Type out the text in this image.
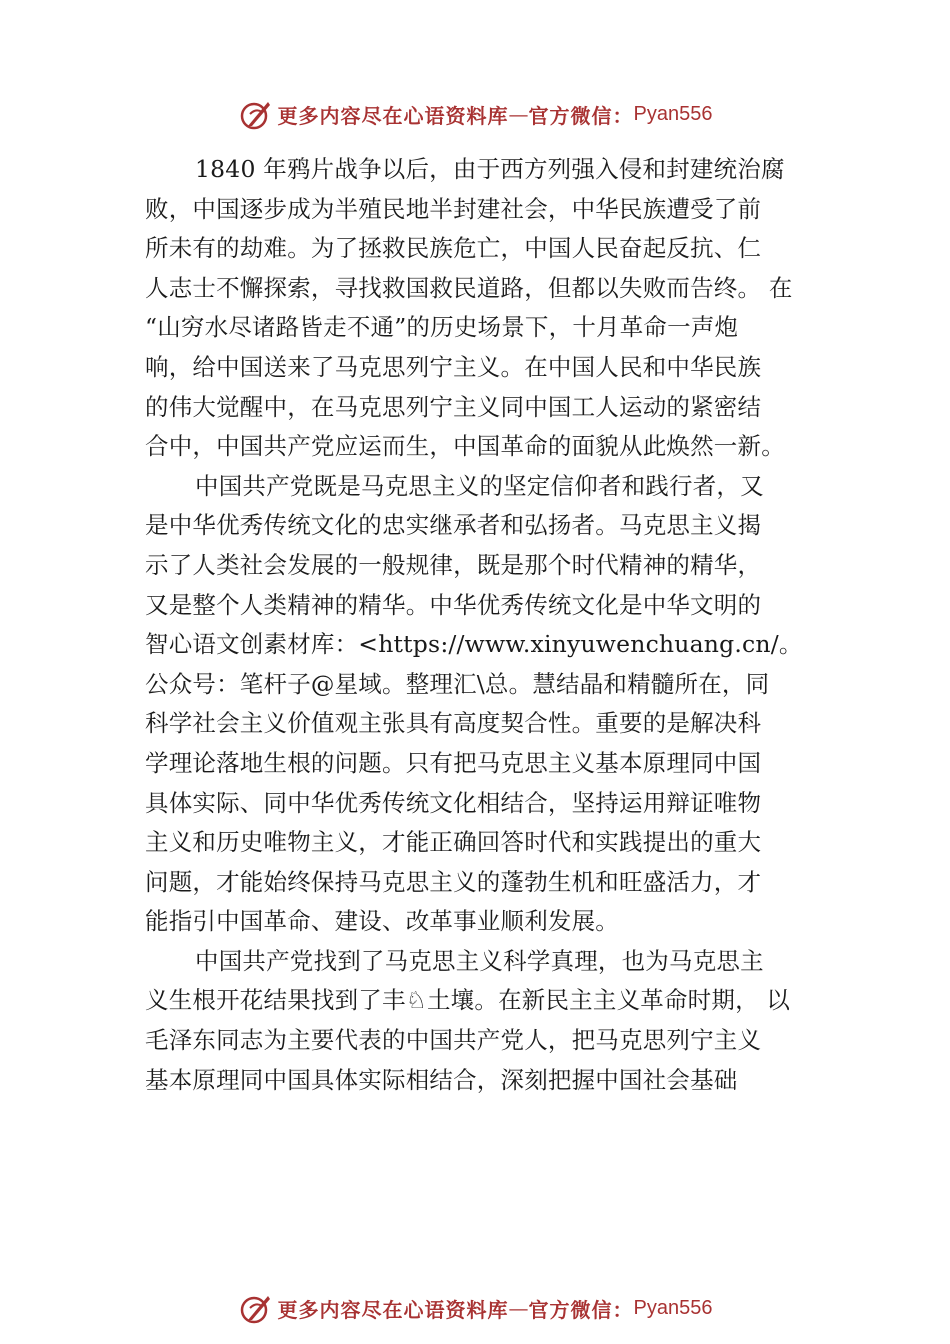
更多内容尽在心语资料库 — 官方微信： Pyan556
1840 年鸦片战争以后，由于西方列强入侵和封建统治腐
败，中国逐步成为半殖民地半封建社会，中华民族遭受了前
所未有的劫难。为了拯救民族危亡，中国人民奋起反抗、仁
人志士不懈探索，寻找救国救民道路，但都以失败而告终。 在
“山穷水尽诸路皆走不通”的历史场景下，十月革命一声炮
响，给中国送来了马克思列宁主义。在中国人民和中华民族
的伟大觉醒中，在马克思列宁主义同中国工人运动的紧密结
合中，中国共产党应运而生，中国革命的面貌从此焕然一新。
中国共产党既是马克思主义的坚定信仰者和践行者，又
是中华优秀传统文化的忠实继承者和弘扬者。马克思主义揭
示了人类社会发展的一般规律，既是那个时代精神的精华，
又是整个人类精神的精华。中华优秀传统文化是中华文明的
智心语文创素材库：<https://www.xinyuwenchuang.cn/。
公众号：笔杆子@星域。整理汇\总。慧结晶和精髓所在，同
科学社会主义价值观主张具有高度契合性。重要的是解决科
学理论落地生根的问题。只有把马克思主义基本原理同中国
具体实际、同中华优秀传统文化相结合，坚持运用辩证唯物
主义和历史唯物主义，才能正确回答时代和实践提出的重大
问题，才能始终保持马克思主义的蓬勃生机和旺盛活力，才
能指引中国革命、建设、改革事业顺利发展。
中国共产党找到了马克思主义科学真理，也为马克思主
义生根开花结果找到了丰♘土壤。在新民主主义革命时期， 以
毛泽东同志为主要代表的中国共产党人，把马克思列宁主义
基本原理同中国具体实际相结合，深刻把握中国社会基础
更多内容尽在心语资料库 — 官方微信： Pyan556
